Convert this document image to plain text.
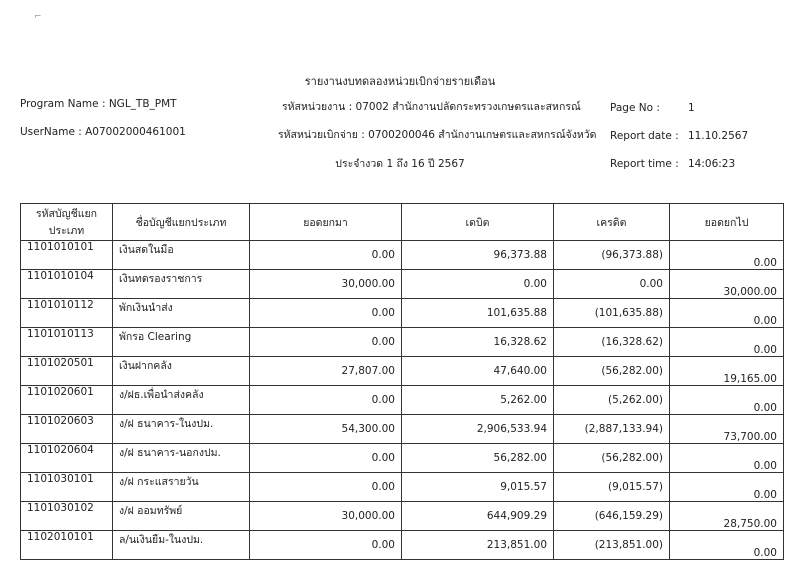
⌐
รายงานงบทดลองหน่วยเบิกจ่ายรายเดือน
Program Name : NGL_TB_PMT
UserName : A07002000461001
รหัสหน่วยงาน : 07002 สำนักงานปลัดกระทรวงเกษตรและสหกรณ์
รหัสหน่วยเบิกจ่าย : 0700200046 สำนักงานเกษตรและสหกรณ์จังหวัด
ประจำงวด 1 ถึง 16 ปี 2567
Page No :	1
Report date : 11.10.2567
Report time : 14:06:23
รหัสบัญชีแยกประเภท	ชื่อบัญชีแยกประเภท	ยอดยกมา	เดบิต	เครดิต	ยอดยกไป
1101010101	เงินสดในมือ	0.00	96,373.88	(96,373.88)	0.00
1101010104	เงินทดรองราชการ	30,000.00	0.00	0.00	30,000.00
1101010112	พักเงินนำส่ง	0.00	101,635.88	(101,635.88)	0.00
1101010113	พักรอ Clearing	0.00	16,328.62	(16,328.62)	0.00
1101020501	เงินฝากคลัง	27,807.00	47,640.00	(56,282.00)	19,165.00
1101020601	ง/ฝธ.เพื่อนำส่งคลัง	0.00	5,262.00	(5,262.00)	0.00
1101020603	ง/ฝ ธนาคาร-ในงปม.	54,300.00	2,906,533.94	(2,887,133.94)	73,700.00
1101020604	ง/ฝ ธนาคาร-นอกงปม.	0.00	56,282.00	(56,282.00)	0.00
1101030101	ง/ฝ กระแสรายวัน	0.00	9,015.57	(9,015.57)	0.00
1101030102	ง/ฝ ออมทรัพย์	30,000.00	644,909.29	(646,159.29)	28,750.00
1102010101	ล/นเงินยืม-ในงปม.	0.00	213,851.00	(213,851.00)	0.00
